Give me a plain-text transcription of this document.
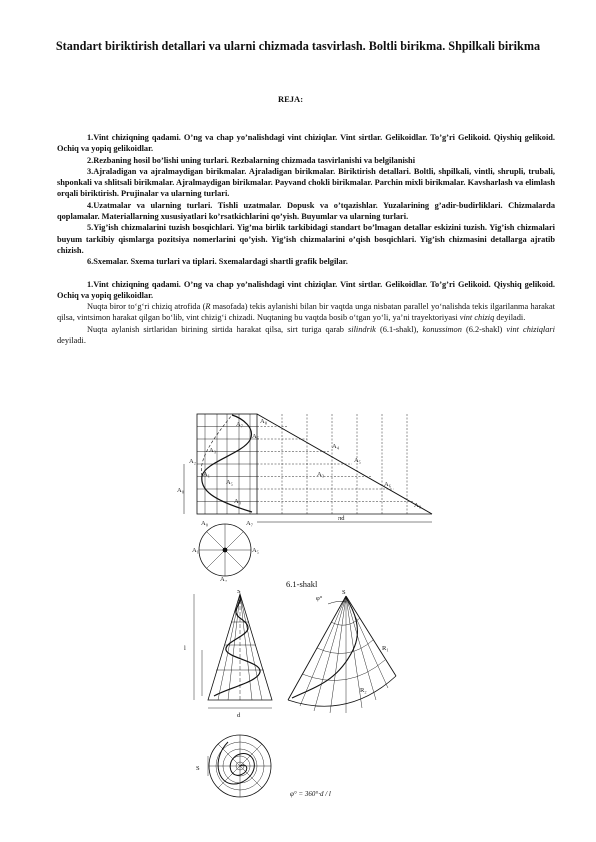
Standart biriktirish detallari va ularni chizmada tasvirlash. Boltli birikma. Shpilkali birikma
REJA:

1.Vint chiziqning qadami. O’ng va chap yo’nalishdagi vint chiziqlar. Vint sirtlar. Gelikoidlar. To’g’ri Gelikoid. Qiyshiq gelikoid. Ochiq va yopiq gelikoidlar.

2.Rezbaning hosil bo’lishi uning turlari. Rezbalarning chizmada tasvirlanishi va belgilanishi

3.Ajraladigan va ajralmaydigan birikmalar. Ajraladigan birikmalar. Biriktirish detallari. Boltli, shpilkali, vintli, shrupli, trubali, shponkali va shlitsali birikmalar. Ajralmaydigan birikmalar. Payvand chokli birikmalar. Parchin mixli birikmalar. Kavsharlash va elimlash orqali biriktirish. Prujinalar va ularning turlari.

4.Uzatmalar va ularning turlari. Tishli uzatmalar. Dopusk va o’tqazishlar. Yuzalarining g’adir-budirliklari. Chizmalarda qoplamalar. Materiallarning xususiyatlari ko’rsatkichlarini qo’yish. Buyumlar va ularning turlari.

5.Yig’ish chizmalarini tuzish bosqichlari. Yig’ma birlik tarkibidagi standart bo’lmagan detallar eskizini tuzish. Yig’ish chizmalari buyum tarkibiy qismlarga pozitsiya nomerlarini qo’yish. Yig’ish chizmalarini o’qish bosqichlari. Yig’ish chizmasini detallarga ajratib chizish.

6.Sxemalar. Sxema turlari va tiplari. Sxemalardagi shartli grafik belgilar.

1.Vint chiziqning qadami. O’ng va chap yo’nalishdagi vint chiziqlar. Vint sirtlar. Gelikoidlar. To’g’ri Gelikoid. Qiyshiq gelikoid. Ochiq va yopiq gelikoidlar.

Nuqta biror to‘g‘ri chiziq atrofida (R masofada) tekis aylanishi bilan bir vaqtda unga nisbatan parallel yo‘nalishda tekis ilgarilanma harakat qilsa, vintsimon harakat qilgan bo‘lib, vint chizig‘i chizadi. Nuqtaning bu vaqtda bosib o‘tgan yo‘li, ya’ni trayektoriyasi vint chiziq deyiladi.

Nuqta aylanish sirtlaridan birining sirtida harakat qilsa, sirt turiga qarab silindrik (6.1-shakl), konussimon (6.2-shakl) vint chiziqlari deyiladi.

A₈
A₇
A₆
A₃
A₂
A₁
A₅
A₀
A₄
A₅
A₆
A₈
A₃
πd
A₀
A₂
A₀	A₇
A₅
A₁
6.1-shakl
S	S
φ°
l
d
R₁
R₂
S
φ° = 360°·d / l
